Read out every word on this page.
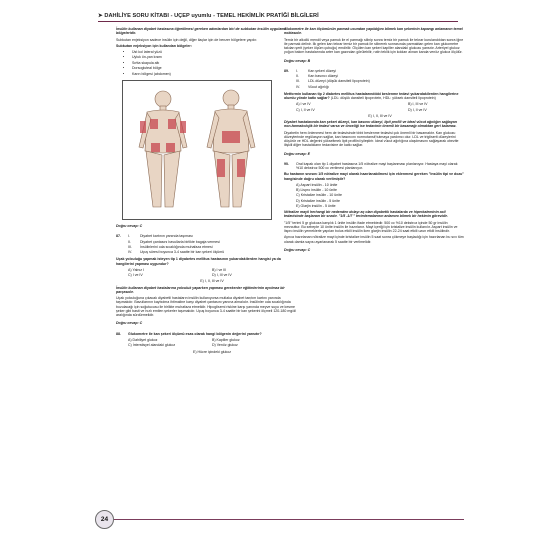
➤ DAHİLİYE SORU KİTABI - UÇEP uyumlu - TEMEL HEKİMLİK PRATİĞİ BİLGİLERİ

İnsülin kullanan diyabet hastasına öğretilmesi gereken adımlardan biri de subkutan insülin uygulama bölgeleridir.

Subkutan enjeksiyon sadece insülin için değil, diğer ilaçlar için de benzer bölgelere yapılır.

Subkutan enjeksiyon için kullanılan bölgeler:

• Üst kol lateral yüzü
• Uyluk ön-yan kısmı
• Sırtta skapula altı
• Dorsogluteal bölge
• Karın bölgesi (abdomen)

Doğru cevap: C

87.	I.	Diyabet kartının yanında taşıması
II.	Diyabet çantasını bavullarla birlikte bagaja vermesi
III.	İnsülinlerini oda sıcaklığında muhafaza etmesi
IV.	Uçuş süresi boyunca 3-4 saatte bir kan şekeri ölçümü

Uçak yolculuğu yapmak isteyen tip 1 diyabetes mellitus hastasının yukarıdakilerden hangisi ya da hangilerini yapması uygundur?

A) Yalnız I	B) I ve III
C) I ve IV	D) I, III ve IV
E) I, II, III ve IV

İnsülin kullanan diyabet hastalarına yolculuk yaparken yapması gerekenler eğitimlerinin ayrılmaz bir parçasıdır.

Uçak yolculuğuna çıkacak diyabetli hastaların insülin kullanıyorsa mutlaka diyabet tanıtım kartını yanında taşımalıdır. Bavullarının kaybolma ihtimaline karşı diyabet çantasını yanına almalıdır. İnsülinler oda sıcaklığında bozulacağı için soğutucusu ile birlikte muhafaza etmelidir. Hipoglisemi riskine karşı yanında meyve suyu ve kesme şeker gibi basit ve hızlı emilen şekerler taşımalıdır. Uçuş boyunca 3-4 saatte bir kan şekerini ölçmeli 120-180 mg/dl aralığında sürdürmelidir.

Doğru cevap: C

88.	Glukometre ile kan şekeri ölçümü esas olarak hangi bölgenin değerini yansıtır?
A) Dahiliyet glukoz	B) Kapiller glukoz
C) İnterstisyel alandaki glukoz	D) Venöz glukoz
E) Hücre içindeki glukoz

Glukometre ile kan ölçümünün parmak ucundan yapıldığını bilmek kan şekerinin kapangı anlamanın temel noktasıdır.

Temiz bir alkollü mendil veya pamuk ile el parmağı silinip sonra temiz bir pamuk ile tekrar kurulandıktan sonra iğne ile parmak delinir. İlk gelen kan tekrar temiz bir pamuk ile silinerek sonrasında parmaktan gelen kan glukometre takılan şerit (şeker ölçüm çubuğu) emdirilir. Ölçülen kan şekeri kapiller alandaki glukozu yansıtır. Arteriyel glukoz yoğun bakım hastalarında arter kan gazından görülebilir, rutin teklik için koldan alınan kanda venöz glukoz ölçülür.

Doğru cevap: B

89.	I.	Kan şekeri düzeyi
II.	Kan basıncı düzeyi
III.	LDL düzeyi (düşük dansiteli lipoprotein)
IV.	Vücut ağırlığı

Metformin kullanan tip 2 diabetes mellitus hastalarındıbbi beslenme tedavi yukarıdakilerden hangilerine olumlu yönde katkı sağlar? (LDL: düşük dansiteli lipoprotein, HDL: yüksek dansiteli lipoprotein)

A) I ve IV	B) I, III ve IV
C) I, II ve IV	D) I, II ve IV
E) I, II, III ve IV

Diyabet hastalarında kan şekeri düzeyi, kan basıncı düzeyi, lipit profili ve ideal vücut ağırlığın sağlayan non-farmakolojik bir tedavi varsa ve önceliği ise tedavinin önemli bir basamağı olmaktan geri kalamaz.

Diyabetin hem önlenmesi hem de tedavisinde tıbbi beslenme tedavisi çok önemli bir basamaktır. Kan glukozu düzeylerinde regülasyon sağlar, kan basıncını normotansif tutmaya yardımcı olur. LDL ve trigliserit düzeylerini düşürür ve HDL değerini yükseltmek lipit profilini iyileştirir. İdeal vücut ağırlığına ulaşılmasını sağlayarak obezite ilişkili diğer hastalıkların tedavisine de katkı sağlar.

Doğru cevap: E

90.	Oral kapak olan tip 1 diyabet hastasına 1/5 nötralize mayi başlanması planlanıyor. Hastaya mayi olarak %10 dekstroz 500 cc verilmesi planlanıyor.

Bu hastanın sıvısını 1/5 nötralize mayi olarak hazırlanabilmesi için eklenmesi gereken "insülin tipi ve dozu" hangisinde doğru olarak verilmiştir?

A) Aspart insülin - 10 ünite
B) Lispro insülin - 10 ünite
C) Kristalize insülin - 10 ünite
D) Kristalize insülin - 5 ünite
E) Glarjin insülin - 5 ünite

Nötralize mayii herhangi bir nedenden dolayı aç olan diyabetik hastalarda ve hiperkaleminin acil tedavisinde başlanan bir sıvıdır. "1/5 -1/7 " terimlemalarının anlamını bilmek bir hekimin görevidir.

"1/5" terimi 5 gr glukoza karşılık 1 ünite insülin ifade etmektedir. 500 cc %10 dekstroz içinde 50 gr insülin mevcuttur. Bu sebeple 10 ünite insülin ile hazırlanır. Mayi içeriği için kristalize insülin kullanılır. Aspart insülin ve lispro insülin yemeklerle yapılan bolus etkili insülin iken glarjin insülin 22-24 saat etkili uzun etkili insülindir.

Ayrıca hazırlanan nötralize mayi içinde kristalize insülin 5 saat sonra çökmeye başladığı için hazırlanan bu sıvı tüm olarak damla sayısı ayarlanarak 5 saatte bir verilmelidir.

Doğru cevap: C

24
